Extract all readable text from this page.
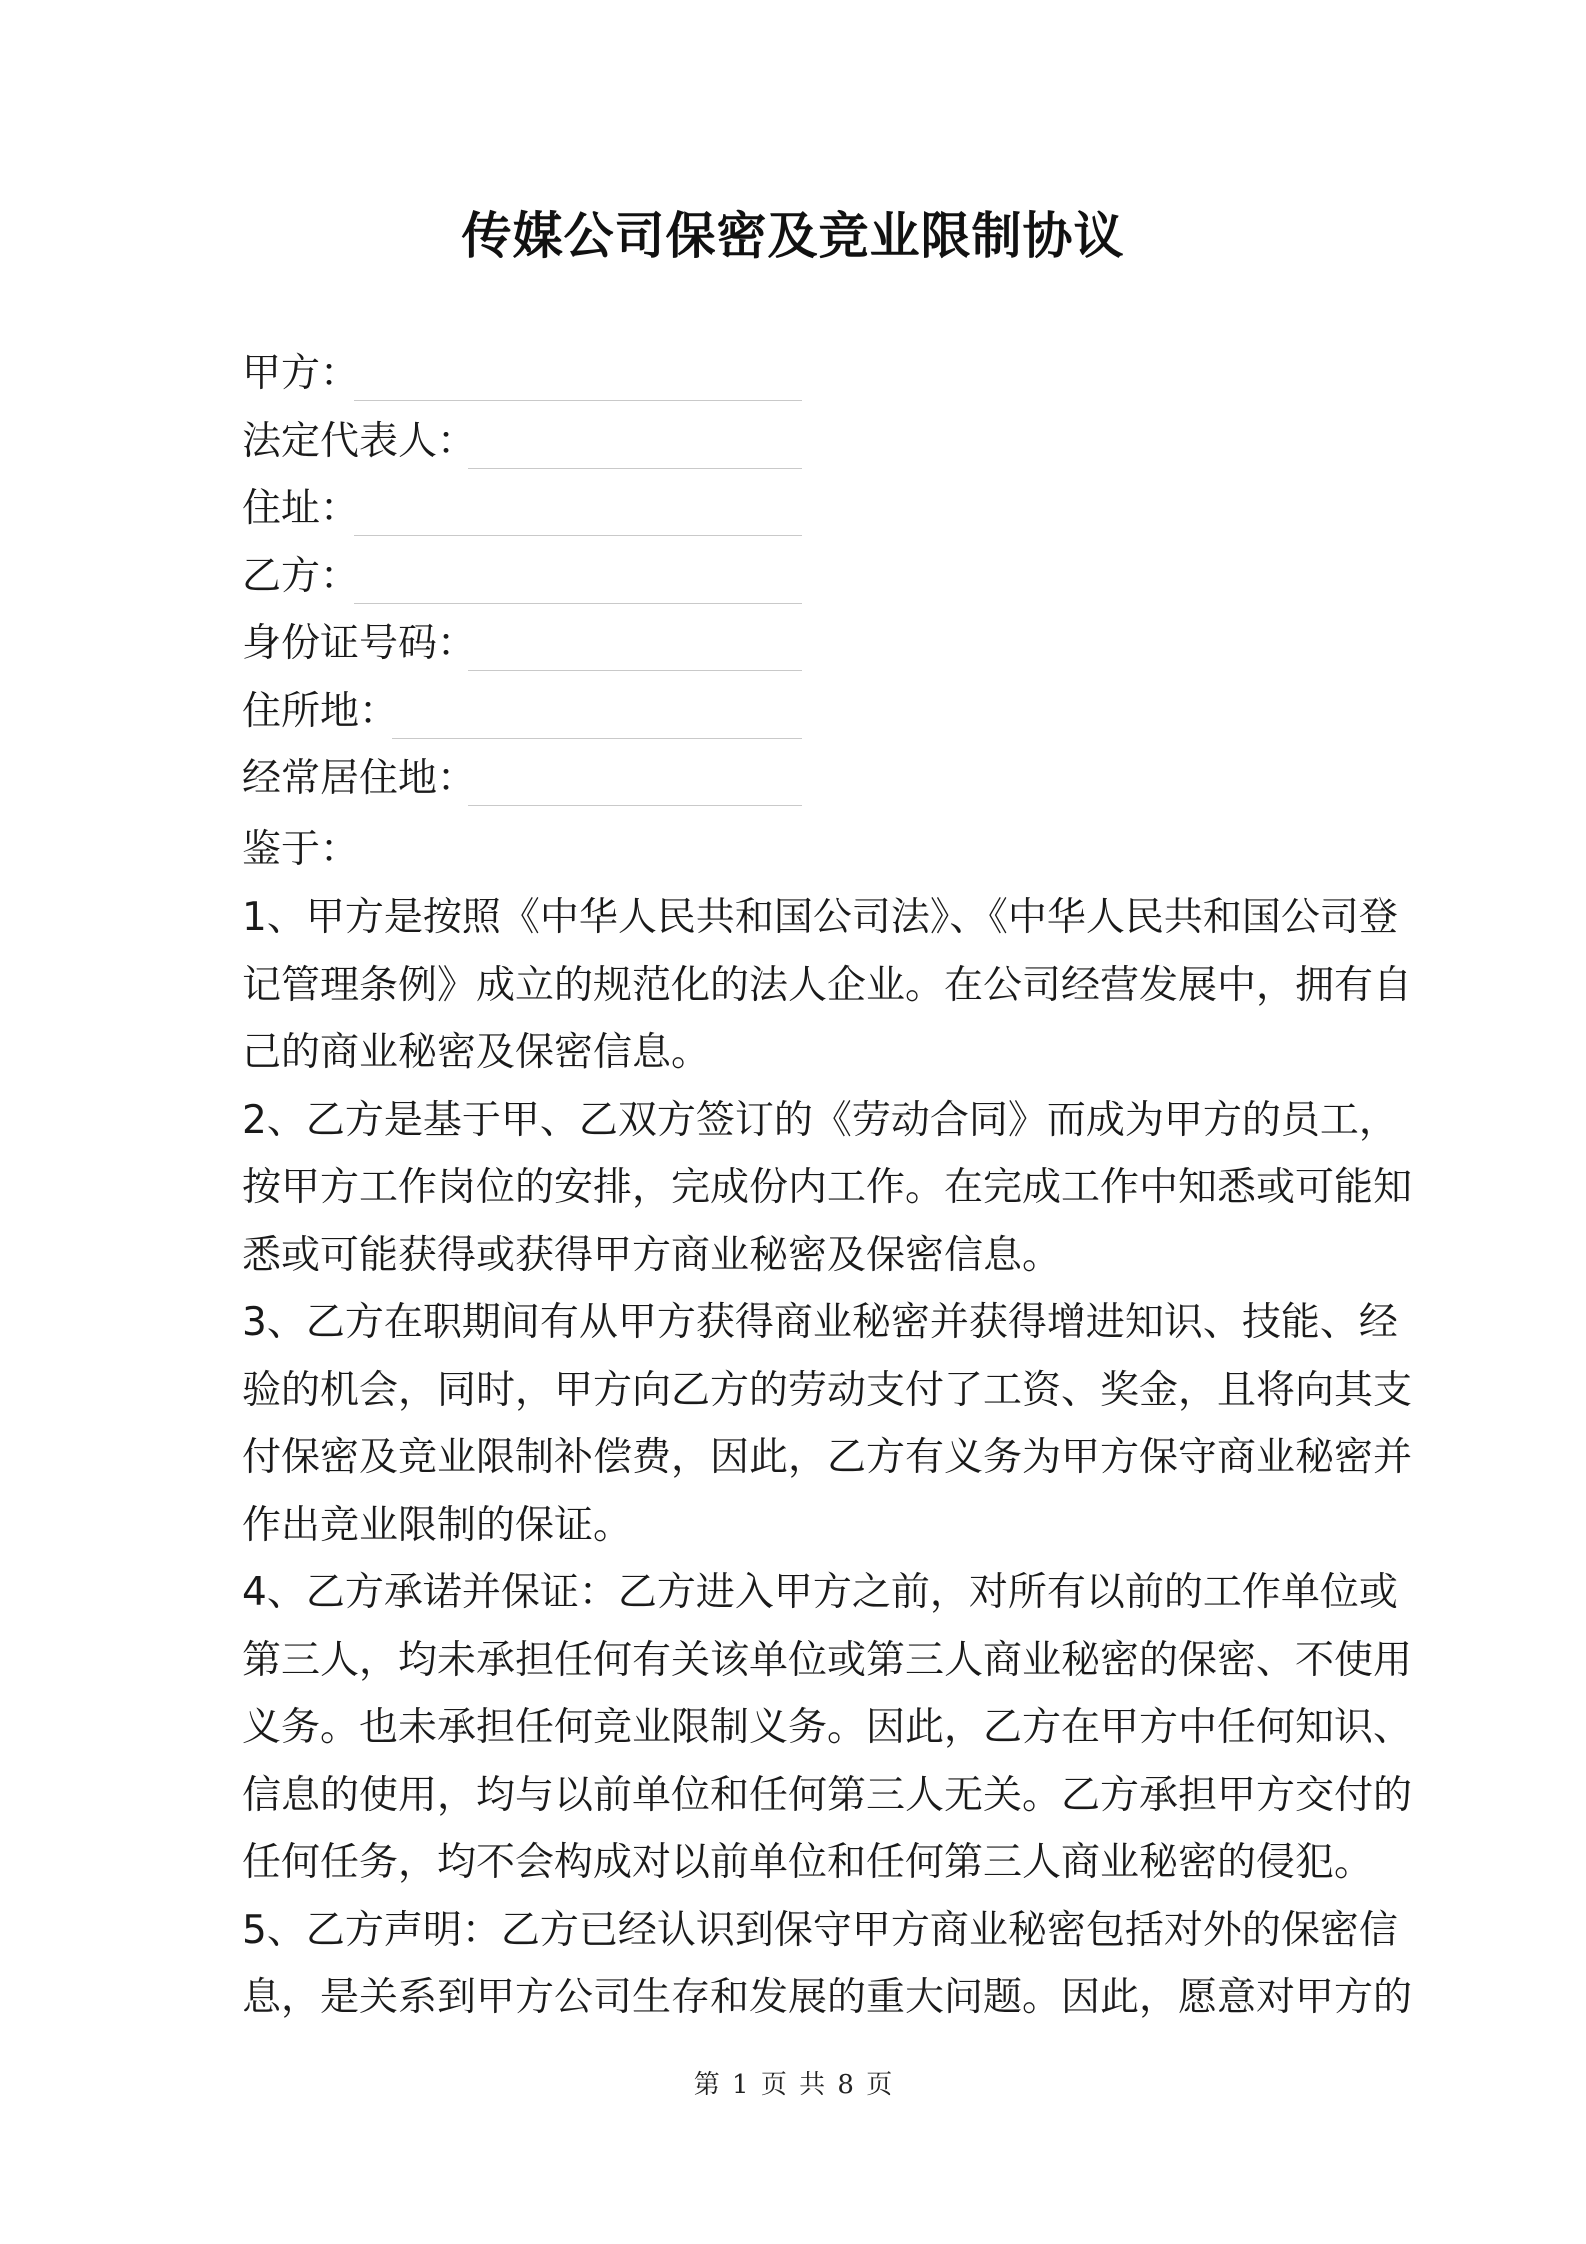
传媒公司保密及竞业限制协议
甲方：
法定代表人：
住址：
乙方：
身份证号码：
住所地：
经常居住地：
鉴于：
1、甲方是按照《中华人民共和国公司法》、《中华人民共和国公司登
记管理条例》成立的规范化的法人企业。在公司经营发展中，拥有自
己的商业秘密及保密信息。
2、乙方是基于甲、乙双方签订的《劳动合同》而成为甲方的员工，
按甲方工作岗位的安排，完成份内工作。在完成工作中知悉或可能知
悉或可能获得或获得甲方商业秘密及保密信息。
3、乙方在职期间有从甲方获得商业秘密并获得增进知识、技能、经
验的机会，同时，甲方向乙方的劳动支付了工资、奖金，且将向其支
付保密及竞业限制补偿费，因此，乙方有义务为甲方保守商业秘密并
作出竞业限制的保证。
4、乙方承诺并保证：乙方进入甲方之前，对所有以前的工作单位或
第三人，均未承担任何有关该单位或第三人商业秘密的保密、不使用
义务。也未承担任何竞业限制义务。因此，乙方在甲方中任何知识、
信息的使用，均与以前单位和任何第三人无关。乙方承担甲方交付的
任何任务，均不会构成对以前单位和任何第三人商业秘密的侵犯。
5、乙方声明：乙方已经认识到保守甲方商业秘密包括对外的保密信
息，是关系到甲方公司生存和发展的重大问题。因此，愿意对甲方的
第 1 页 共 8 页
